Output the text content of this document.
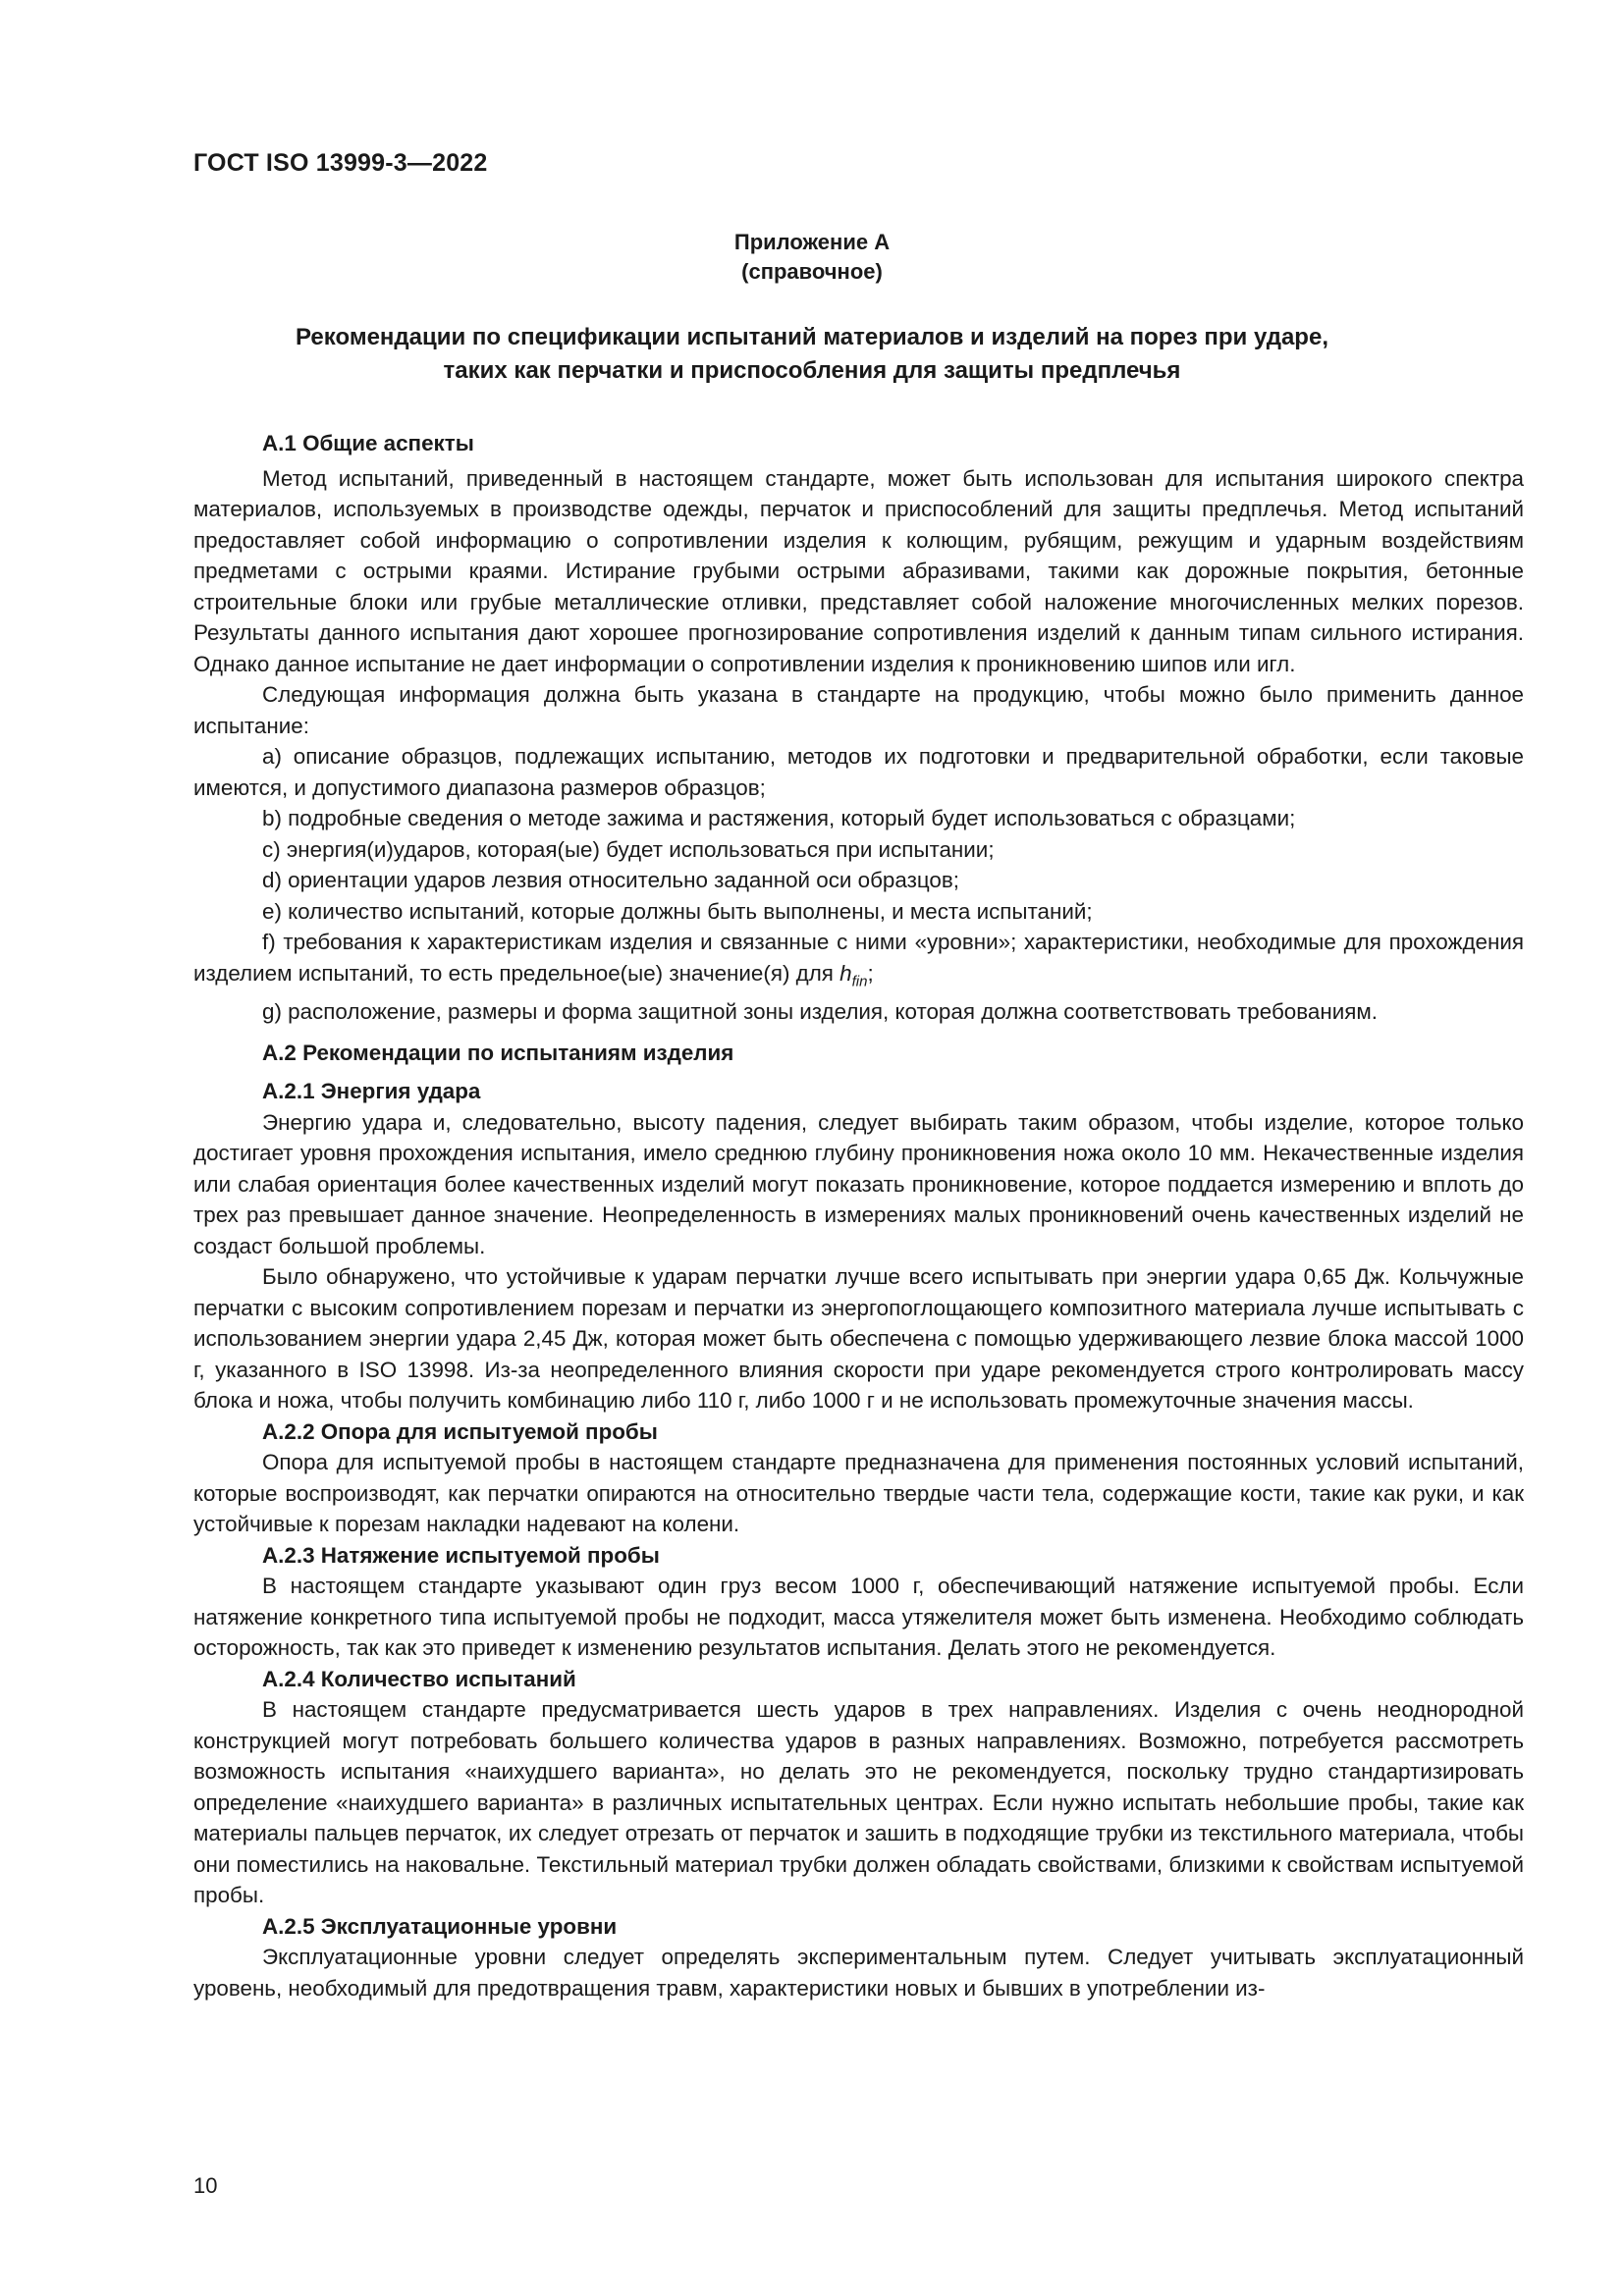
ГОСТ ISO 13999-3—2022
Приложение А
(справочное)
Рекомендации по спецификации испытаний материалов и изделий на порез при ударе,
таких как перчатки и приспособления для защиты предплечья
А.1 Общие аспекты

Метод испытаний, приведенный в настоящем стандарте, может быть использован для испытания широкого спектра материалов, используемых в производстве одежды, перчаток и приспособлений для защиты предплечья. Метод испытаний предоставляет собой информацию о сопротивлении изделия к колющим, рубящим, режущим и ударным воздействиям предметами с острыми краями. Истирание грубыми острыми абразивами, такими как дорожные покрытия, бетонные строительные блоки или грубые металлические отливки, представляет собой наложение многочисленных мелких порезов. Результаты данного испытания дают хорошее прогнозирование сопротивления изделий к данным типам сильного истирания. Однако данное испытание не дает информации о сопротивлении изделия к проникновению шипов или игл.

Следующая информация должна быть указана в стандарте на продукцию, чтобы можно было применить данное испытание:

а) описание образцов, подлежащих испытанию, методов их подготовки и предварительной обработки, если таковые имеются, и допустимого диапазона размеров образцов;

b) подробные сведения о методе зажима и растяжения, который будет использоваться с образцами;

с) энергия(и)ударов, которая(ые) будет использоваться при испытании;

d) ориентации ударов лезвия относительно заданной оси образцов;

е) количество испытаний, которые должны быть выполнены, и места испытаний;

f) требования к характеристикам изделия и связанные с ними «уровни»; характеристики, необходимые для прохождения изделием испытаний, то есть предельное(ые) значение(я) для $h_{fin}$;

g) расположение, размеры и форма защитной зоны изделия, которая должна соответствовать требованиям.

А.2 Рекомендации по испытаниям изделия
А.2.1 Энергия удара

Энергию удара и, следовательно, высоту падения, следует выбирать таким образом, чтобы изделие, которое только достигает уровня прохождения испытания, имело среднюю глубину проникновения ножа около 10 мм. Некачественные изделия или слабая ориентация более качественных изделий могут показать проникновение, которое поддается измерению и вплоть до трех раз превышает данное значение. Неопределенность в измерениях малых проникновений очень качественных изделий не создаст большой проблемы.

Было обнаружено, что устойчивые к ударам перчатки лучше всего испытывать при энергии удара 0,65 Дж. Кольчужные перчатки с высоким сопротивлением порезам и перчатки из энергопоглощающего композитного материала лучше испытывать с использованием энергии удара 2,45 Дж, которая может быть обеспечена с помощью удерживающего лезвие блока массой 1000 г, указанного в ISO 13998. Из-за неопределенного влияния скорости при ударе рекомендуется строго контролировать массу блока и ножа, чтобы получить комбинацию либо 110 г, либо 1000 г и не использовать промежуточные значения массы.

А.2.2 Опора для испытуемой пробы

Опора для испытуемой пробы в настоящем стандарте предназначена для применения постоянных условий испытаний, которые воспроизводят, как перчатки опираются на относительно твердые части тела, содержащие кости, такие как руки, и как устойчивые к порезам накладки надевают на колени.

А.2.3 Натяжение испытуемой пробы

В настоящем стандарте указывают один груз весом 1000 г, обеспечивающий натяжение испытуемой пробы. Если натяжение конкретного типа испытуемой пробы не подходит, масса утяжелителя может быть изменена. Необходимо соблюдать осторожность, так как это приведет к изменению результатов испытания. Делать этого не рекомендуется.

А.2.4 Количество испытаний

В настоящем стандарте предусматривается шесть ударов в трех направлениях. Изделия с очень неоднородной конструкцией могут потребовать большего количества ударов в разных направлениях. Возможно, потребуется рассмотреть возможность испытания «наихудшего варианта», но делать это не рекомендуется, поскольку трудно стандартизировать определение «наихудшего варианта» в различных испытательных центрах. Если нужно испытать небольшие пробы, такие как материалы пальцев перчаток, их следует отрезать от перчаток и зашить в подходящие трубки из текстильного материала, чтобы они поместились на наковальне. Текстильный материал трубки должен обладать свойствами, близкими к свойствам испытуемой пробы.

А.2.5 Эксплуатационные уровни

Эксплуатационные уровни следует определять экспериментальным путем. Следует учитывать эксплуатационный уровень, необходимый для предотвращения травм, характеристики новых и бывших в употреблении из-

10
